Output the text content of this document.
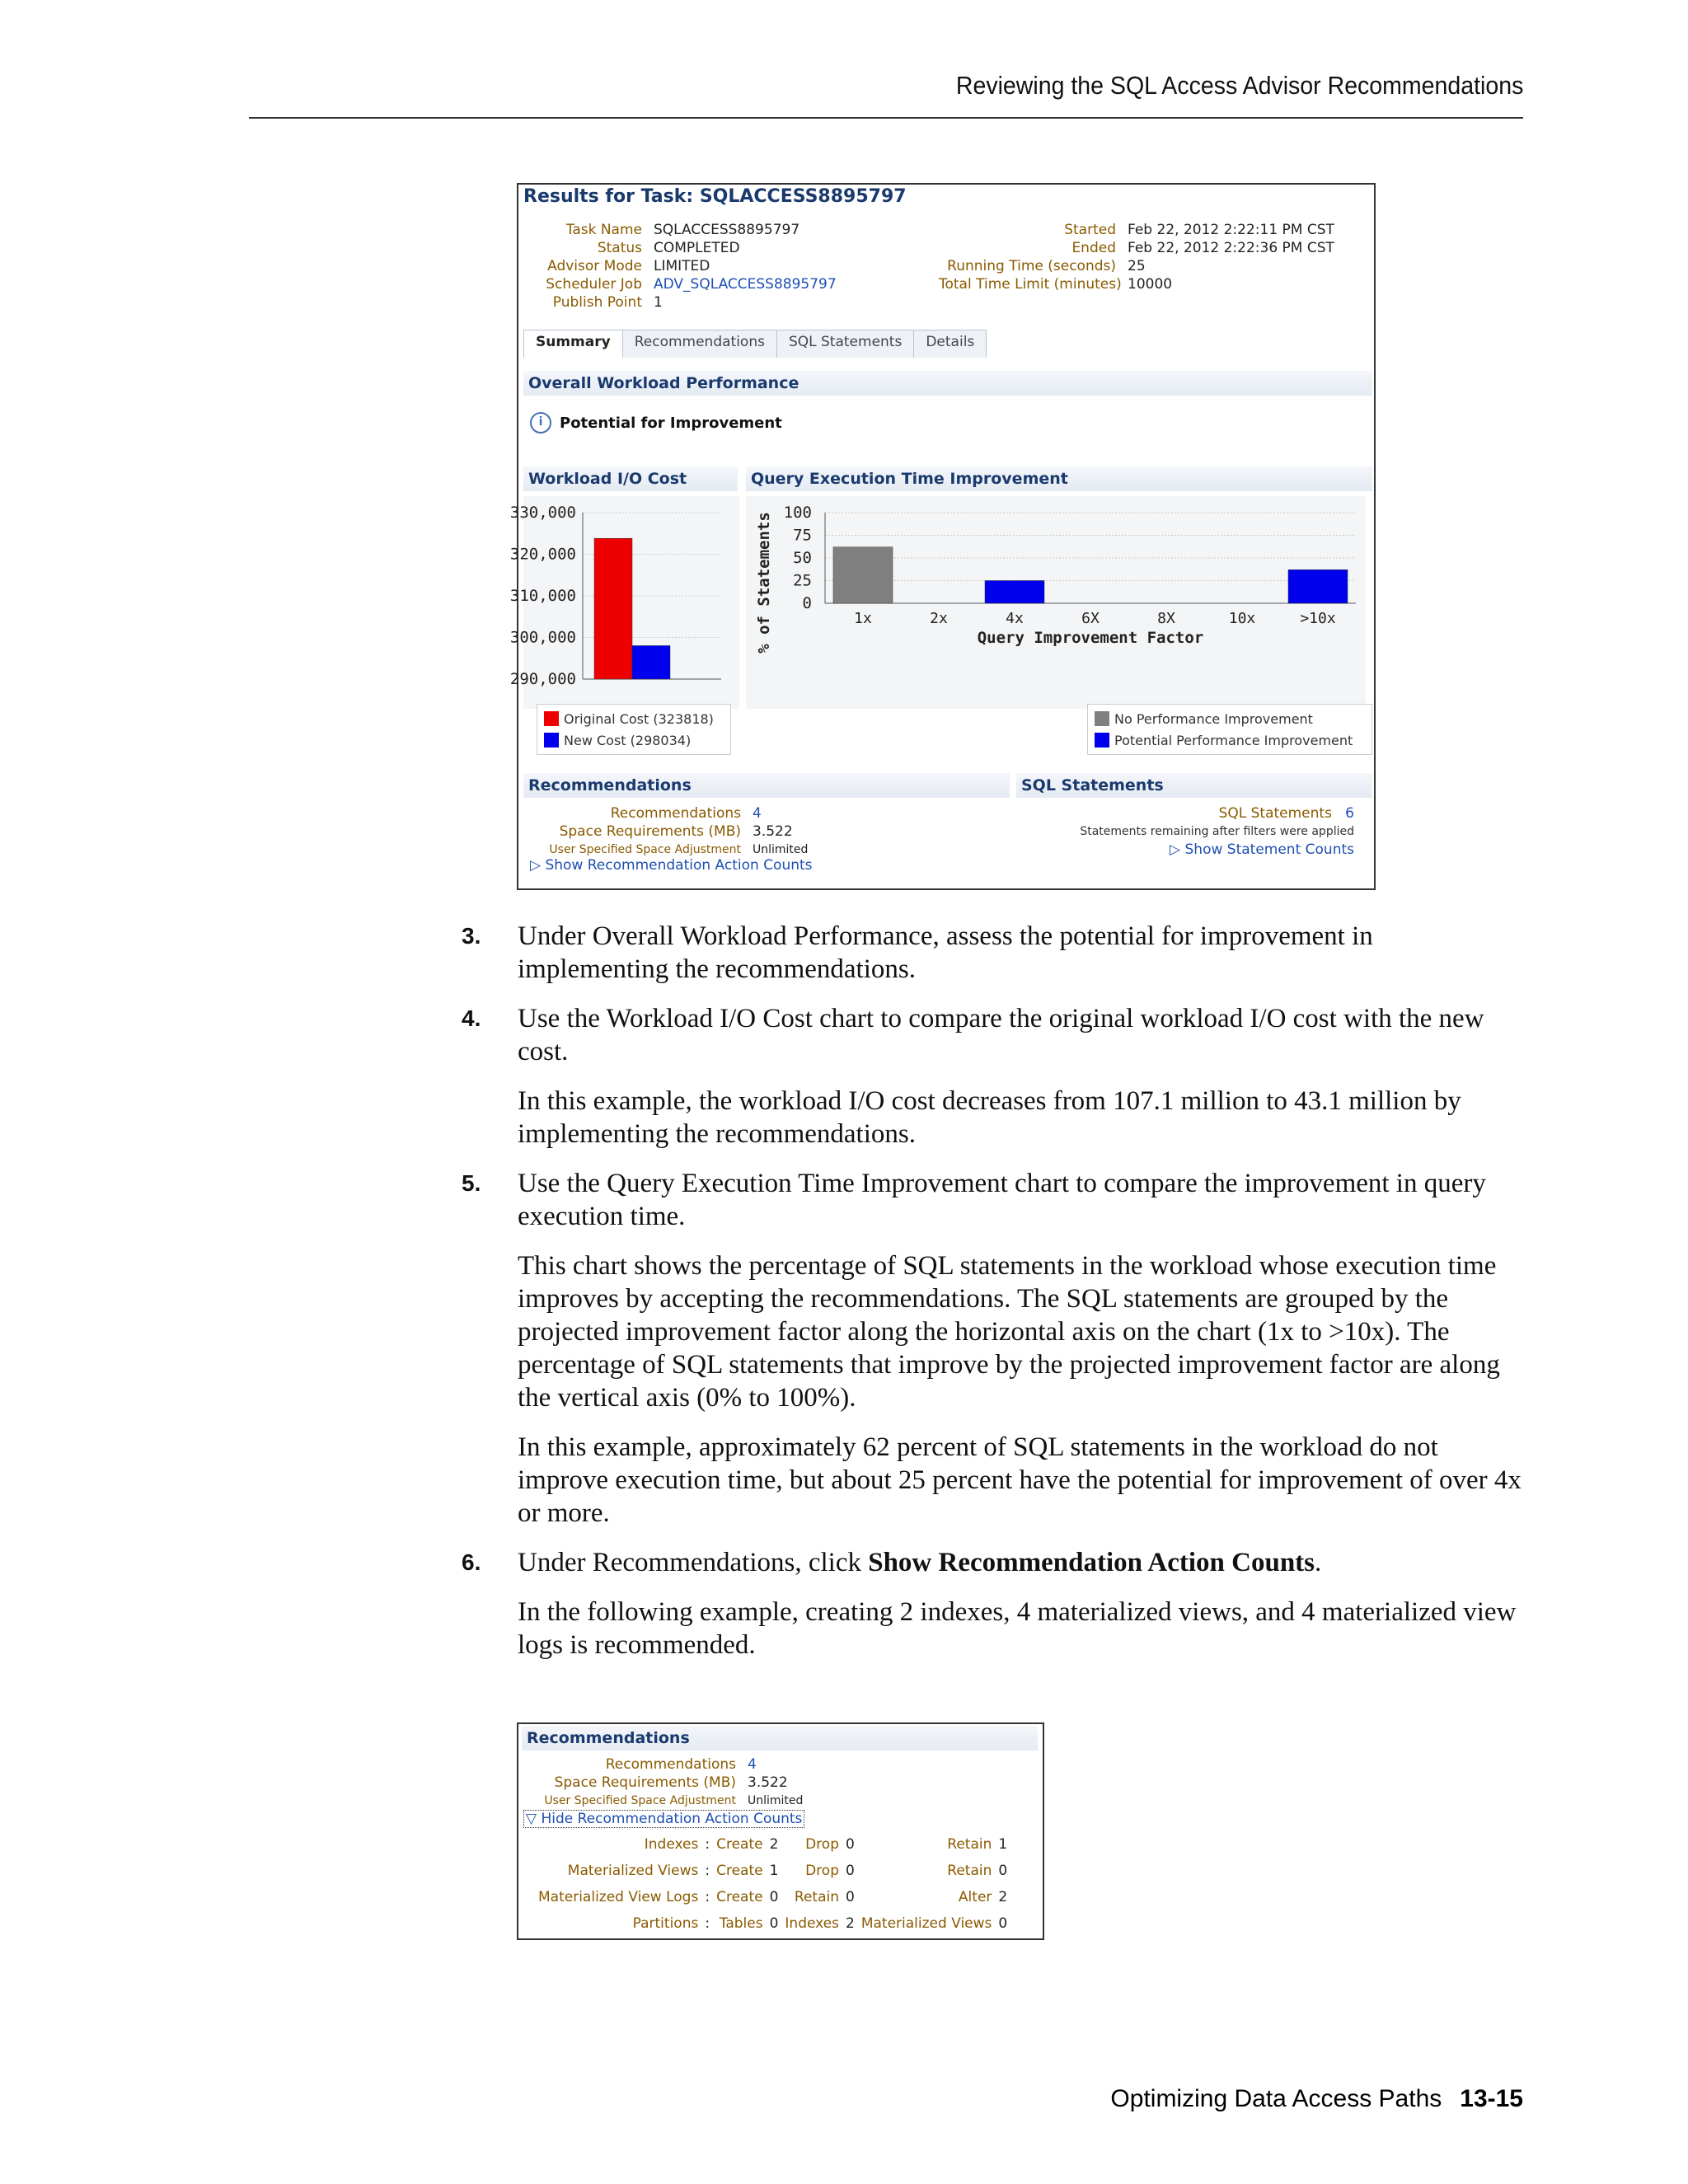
Reviewing the SQL Access Advisor Recommendations
Results for Task: SQLACCESS8895797
Task Name SQLACCESS8895797
Status COMPLETED
Advisor Mode LIMITED
Scheduler Job ADV_SQLACCESS8895797
Publish Point 1
Started Feb 22, 2012 2:22:11 PM CST
Ended Feb 22, 2012 2:22:36 PM CST
Running Time (seconds) 25
Total Time Limit (minutes) 10000
Summary	Recommendations	SQL Statements	Details
Overall Workload Performance
i	Potential for Improvement
Workload I/O Cost	Query Execution Time Improvement
330,000
320,000
310,000
300,000
290,000
100
75
50
25
0
1x	2x	4x	6X	8X	10x	>10x
Query Improvement Factor
% of Statements
Original Cost (323818)
New Cost (298034)
No Performance Improvement
Potential Performance Improvement
Recommendations	SQL Statements
Recommendations 4
Space Requirements (MB) 3.522
User Specified Space Adjustment Unlimited
▷ Show Recommendation Action Counts
SQL Statements 6
Statements remaining after filters were applied
▷ Show Statement Counts
3.	Under Overall Workload Performance, assess the potential for improvement in implementing the recommendations.
4.	Use the Workload I/O Cost chart to compare the original workload I/O cost with the new cost.
In this example, the workload I/O cost decreases from 107.1 million to 43.1 million by implementing the recommendations.
5.	Use the Query Execution Time Improvement chart to compare the improvement in query execution time.
This chart shows the percentage of SQL statements in the workload whose execution time improves by accepting the recommendations. The SQL statements are grouped by the projected improvement factor along the horizontal axis on the chart (1x to >10x). The percentage of SQL statements that improve by the projected improvement factor are along the vertical axis (0% to 100%).
In this example, approximately 62 percent of SQL statements in the workload do not improve execution time, but about 25 percent have the potential for improvement of over 4x or more.
6.	Under Recommendations, click Show Recommendation Action Counts.
In the following example, creating 2 indexes, 4 materialized views, and 4 materialized view logs is recommended.
Recommendations
Recommendations 4
Space Requirements (MB) 3.522
User Specified Space Adjustment Unlimited
▽ Hide Recommendation Action Counts
Indexes	:	Create	2	Drop	0	Retain	1
Materialized Views	:	Create	1	Drop	0	Retain	0
Materialized View Logs	:	Create	0	Retain	0	Alter	2
Partitions	:	Tables	0	Indexes	2	Materialized Views	0
Optimizing Data Access Paths 13-15
